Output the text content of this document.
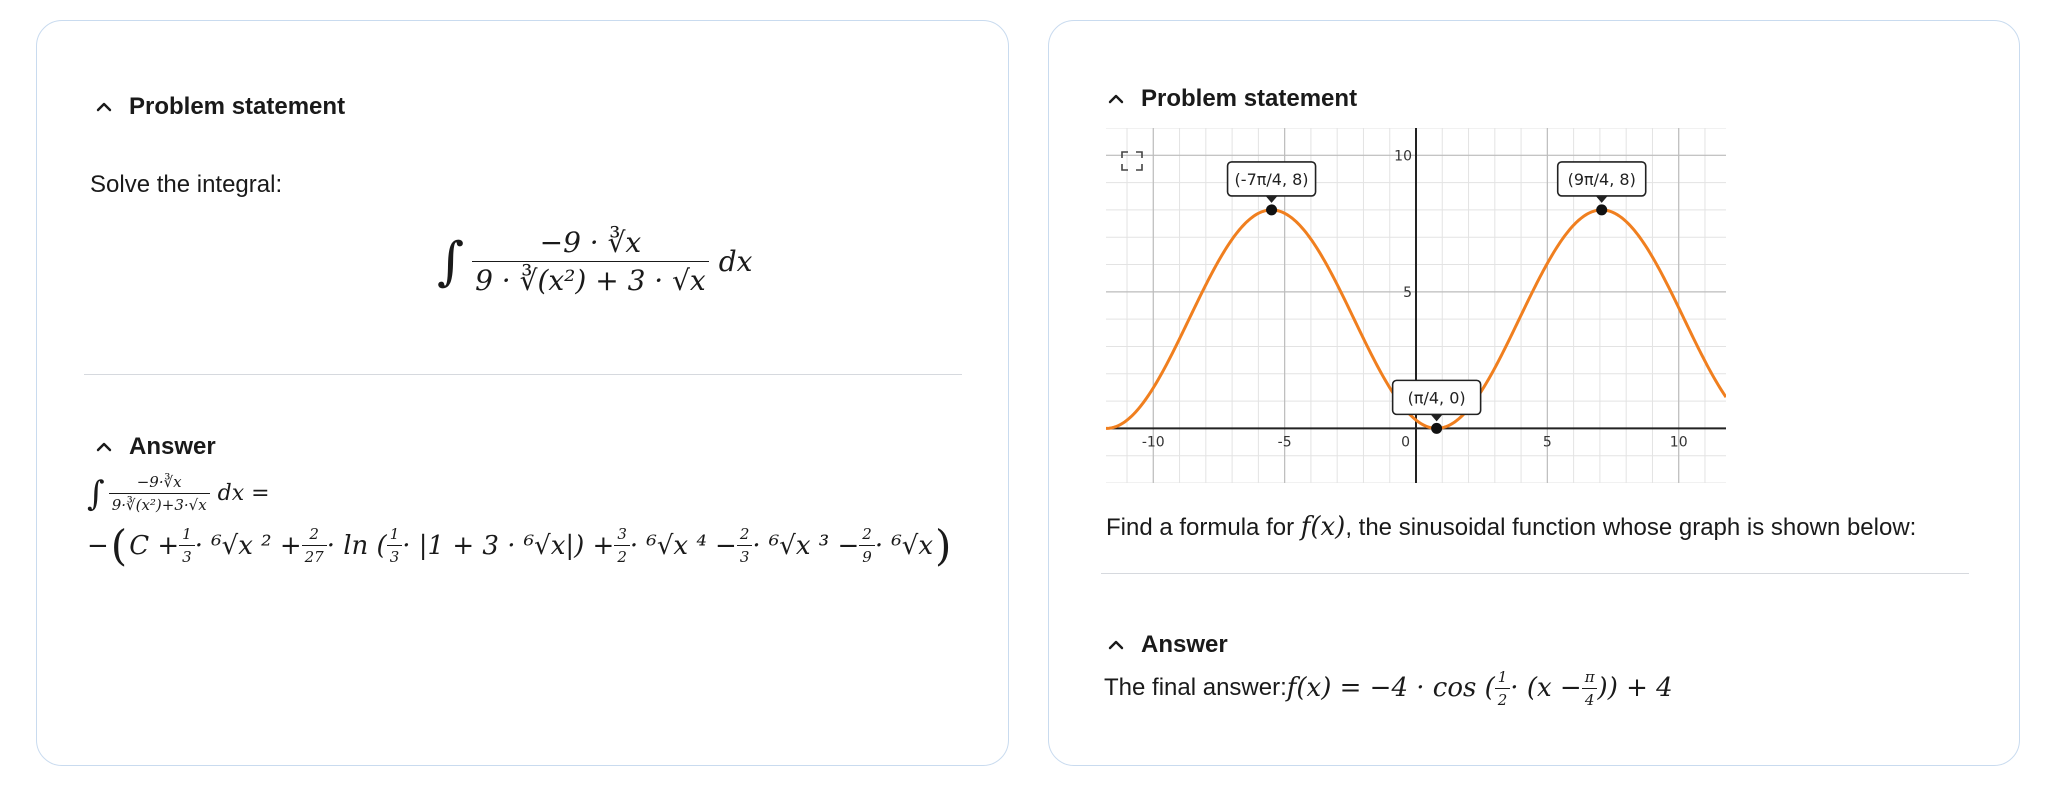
Problem statement
Solve the integral:
∫ $\frac{-9 \cdot ∛x}{\text{9 · ∛(x²) + 3 · √x}}$ dx
Answer
∫ $\frac{-9\cdot∛x}{\text{9·∛(x²)+3·√x}}$ dx =
− ( $C + \frac{1}{3} \cdot ^6√x$ $^2 + \frac{2}{27} \cdot \ln$ ( $\frac{1}{3} \cdot |1 + 3 \cdot ^6√x|) + \frac{3}{2} \cdot ^6√x$ $^4 - \frac{2}{3} \cdot ^6√x$ $^3 - \frac{2}{9} \cdot ^6√x$ )
Problem statement
-10	-5	5	10
5
10
0
(-7π/4, 8)	(9π/4, 8)
(π/4, 0)
Find a formula for f(x), the sinusoidal function whose graph is shown below:
Answer
The final answer: f(x) = −4 · cos ( $\frac{1}{2} \cdot (x - \frac{\pi}{4}$ )) + 4
